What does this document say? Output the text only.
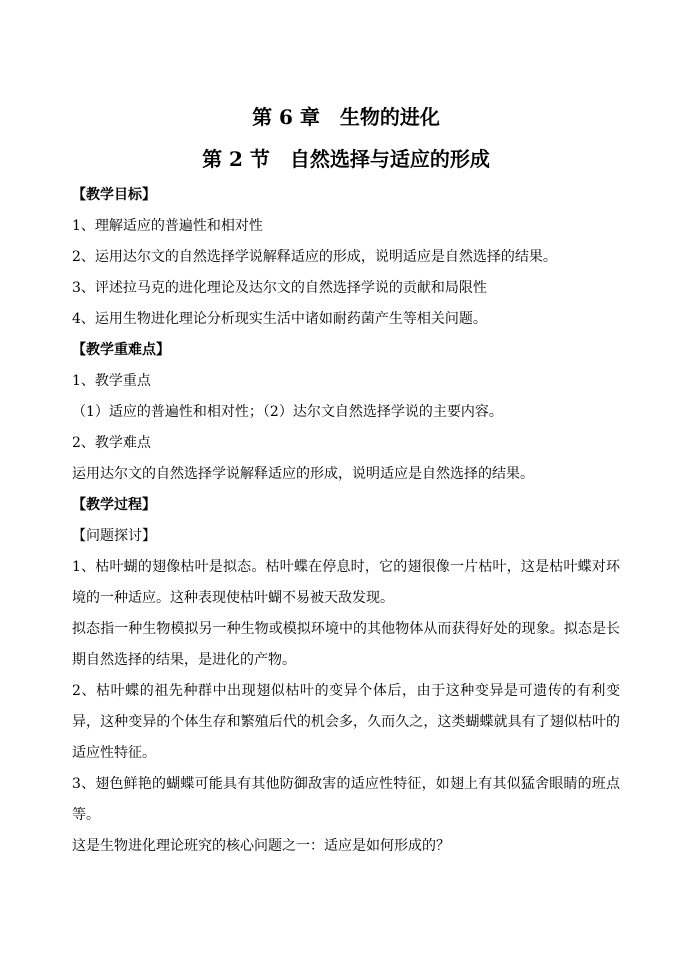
第 6 章　生物的进化
第 2 节　自然选择与适应的形成

【教学目标】

1、理解适应的普遍性和相对性

2、运用达尔文的自然选择学说解释适应的形成，说明适应是自然选择的结果。

3、评述拉马克的进化理论及达尔文的自然选择学说的贡献和局限性

4、运用生物进化理论分析现实生活中诸如耐药菌产生等相关问题。

【教学重难点】

1、教学重点

（1）适应的普遍性和相对性；（2）达尔文自然选择学说的主要内容。

2、教学难点

运用达尔文的自然选择学说解释适应的形成，说明适应是自然选择的结果。

【教学过程】

【问题探讨】

1、枯叶蝴的翅像枯叶是拟态。枯叶蝶在停息时，它的翅很像一片枯叶，这是枯叶蝶对环境的一种适应。这种表现使枯叶蝴不易被天敌发现。

拟态指一种生物模拟另一种生物或模拟环境中的其他物体从而获得好处的现象。拟态是长期自然选择的结果，是进化的产物。

2、枯叶蝶的祖先种群中出现翅似枯叶的变异个体后，由于这种变异是可遗传的有利变异，这种变异的个体生存和繁殖后代的机会多，久而久之，这类蝴蝶就具有了翅似枯叶的适应性特征。

3、翅色鲜艳的蝴蝶可能具有其他防御敌害的适应性特征，如翅上有其似猛舍眼睛的班点等。

这是生物进化理论班究的核心问题之一：适应是如何形成的？
